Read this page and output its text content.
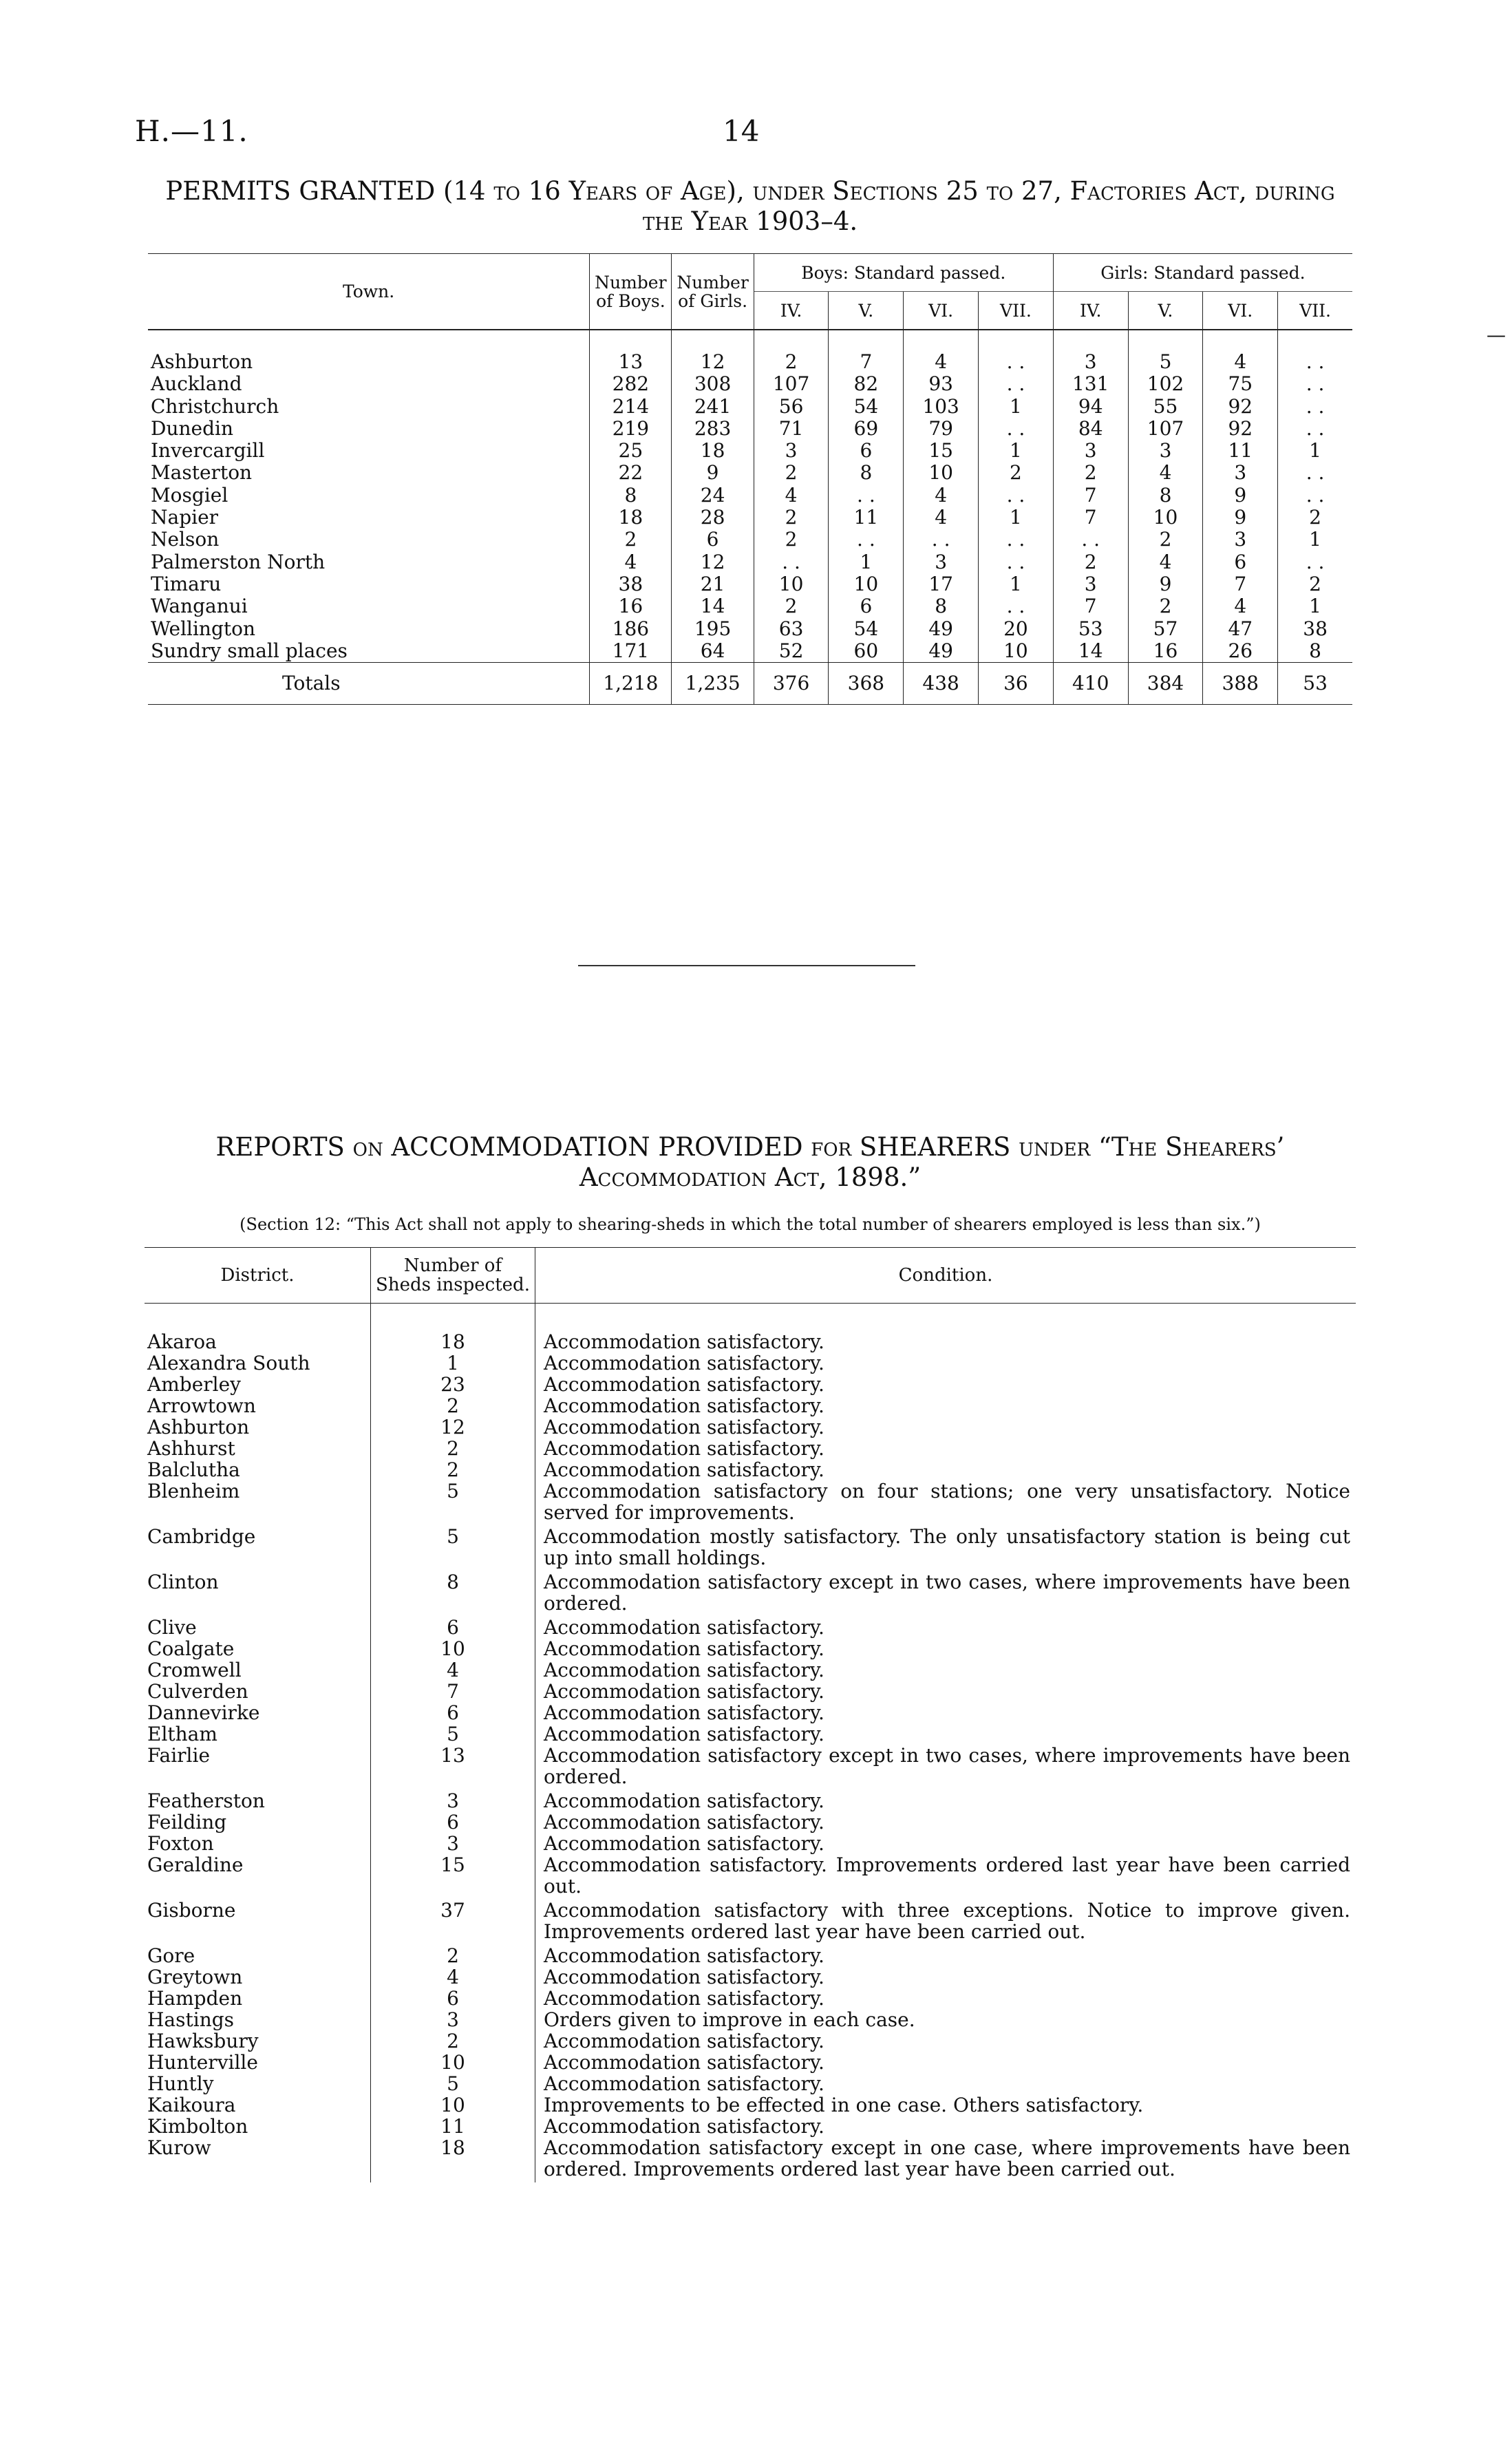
H.—11.	14
PERMITS GRANTED (14 to 16 Years of Age), under Sections 25 to 27, Factories Act, during the Year 1903–4.
Town.	Number of Boys.	Number of Girls.	Boys: Standard passed.				Girls: Standard passed.			
			IV.	V.	VI.	VII.	IV.	V.	VI.	VII.
Ashburton	13	12	2	7	4	. .	3	5	4	. .
Auckland	282	308	107	82	93	. .	131	102	75	. .
Christchurch	214	241	56	54	103	1	94	55	92	. .
Dunedin	219	283	71	69	79	. .	84	107	92	. .
Invercargill	25	18	3	6	15	1	3	3	11	1
Masterton	22	9	2	8	10	2	2	4	3	. .
Mosgiel	8	24	4	. .	4	. .	7	8	9	. .
Napier	18	28	2	11	4	1	7	10	9	2
Nelson	2	6	2	. .	. .	. .	. .	2	3	1
Palmerston North	4	12	. .	1	3	. .	2	4	6	. .
Timaru	38	21	10	10	17	1	3	9	7	2
Wanganui	16	14	2	6	8	. .	7	2	4	1
Wellington	186	195	63	54	49	20	53	57	47	38
Sundry small places	171	64	52	60	49	10	14	16	26	8
Totals	1,218	1,235	376	368	438	36	410	384	388	53
REPORTS on ACCOMMODATION PROVIDED for SHEARERS under “The Shearers’ Accommodation Act, 1898.”
(Section 12: “This Act shall not apply to shearing-sheds in which the total number of shearers employed is less than six.”)
District.	Number of Sheds inspected.	Condition.
Akaroa	18	Accommodation satisfactory.
Alexandra South	1	Accommodation satisfactory.
Amberley	23	Accommodation satisfactory.
Arrowtown	2	Accommodation satisfactory.
Ashburton	12	Accommodation satisfactory.
Ashhurst	2	Accommodation satisfactory.
Balclutha	2	Accommodation satisfactory.
Blenheim	5	Accommodation satisfactory on four stations; one very unsatisfactory. Notice served for improvements.
Cambridge	5	Accommodation mostly satisfactory. The only unsatisfactory station is being cut up into small holdings.
Clinton	8	Accommodation satisfactory except in two cases, where improvements have been ordered.
Clive	6	Accommodation satisfactory.
Coalgate	10	Accommodation satisfactory.
Cromwell	4	Accommodation satisfactory.
Culverden	7	Accommodation satisfactory.
Dannevirke	6	Accommodation satisfactory.
Eltham	5	Accommodation satisfactory.
Fairlie	13	Accommodation satisfactory except in two cases, where improvements have been ordered.
Featherston	3	Accommodation satisfactory.
Feilding	6	Accommodation satisfactory.
Foxton	3	Accommodation satisfactory.
Geraldine	15	Accommodation satisfactory. Improvements ordered last year have been carried out.
Gisborne	37	Accommodation satisfactory with three exceptions. Notice to improve given. Improvements ordered last year have been carried out.
Gore	2	Accommodation satisfactory.
Greytown	4	Accommodation satisfactory.
Hampden	6	Accommodation satisfactory.
Hastings	3	Orders given to improve in each case.
Hawksbury	2	Accommodation satisfactory.
Hunterville	10	Accommodation satisfactory.
Huntly	5	Accommodation satisfactory.
Kaikoura	10	Improvements to be effected in one case. Others satisfactory.
Kimbolton	11	Accommodation satisfactory.
Kurow	18	Accommodation satisfactory except in one case, where improvements have been ordered. Improvements ordered last year have been carried out.
—
